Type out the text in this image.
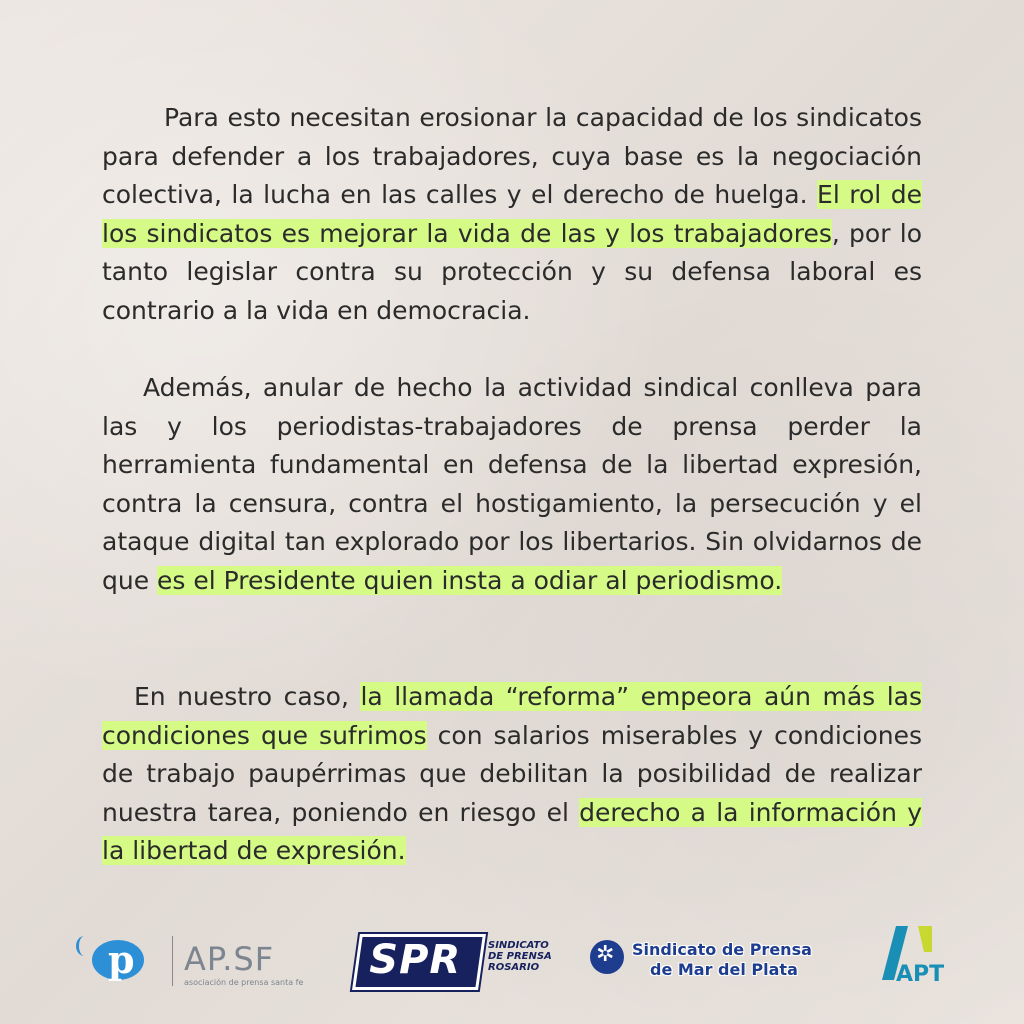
Para esto necesitan erosionar la capacidad de los sindicatos para defender a los trabajadores, cuya base es la negociación colectiva, la lucha en las calles y el derecho de huelga. El rol de los sindicatos es mejorar la vida de las y los trabajadores, por lo tanto legislar contra su protección y su defensa laboral es contrario a la vida en democracia.

Además, anular de hecho la actividad sindical conlleva para las y los periodistas-trabajadores de prensa perder la herramienta fundamental en defensa de la libertad expresión, contra la censura, contra el hostigamiento, la persecución y el ataque digital tan explorado por los libertarios. Sin olvidarnos de que es el Presidente quien insta a odiar al periodismo.

En nuestro caso, la llamada “reforma” empeora aún más las condiciones que sufrimos con salarios miserables y condiciones de trabajo paupérrimas que debilitan la posibilidad de realizar nuestra tarea, poniendo en riesgo el derecho a la información y la libertad de expresión.

p AP.SF
asociación de prensa santa fe SPR	SINDICATO
DE PRENSA
ROSARIO
✲ Sindicato de Prensa
de Mar del Plata	APT
